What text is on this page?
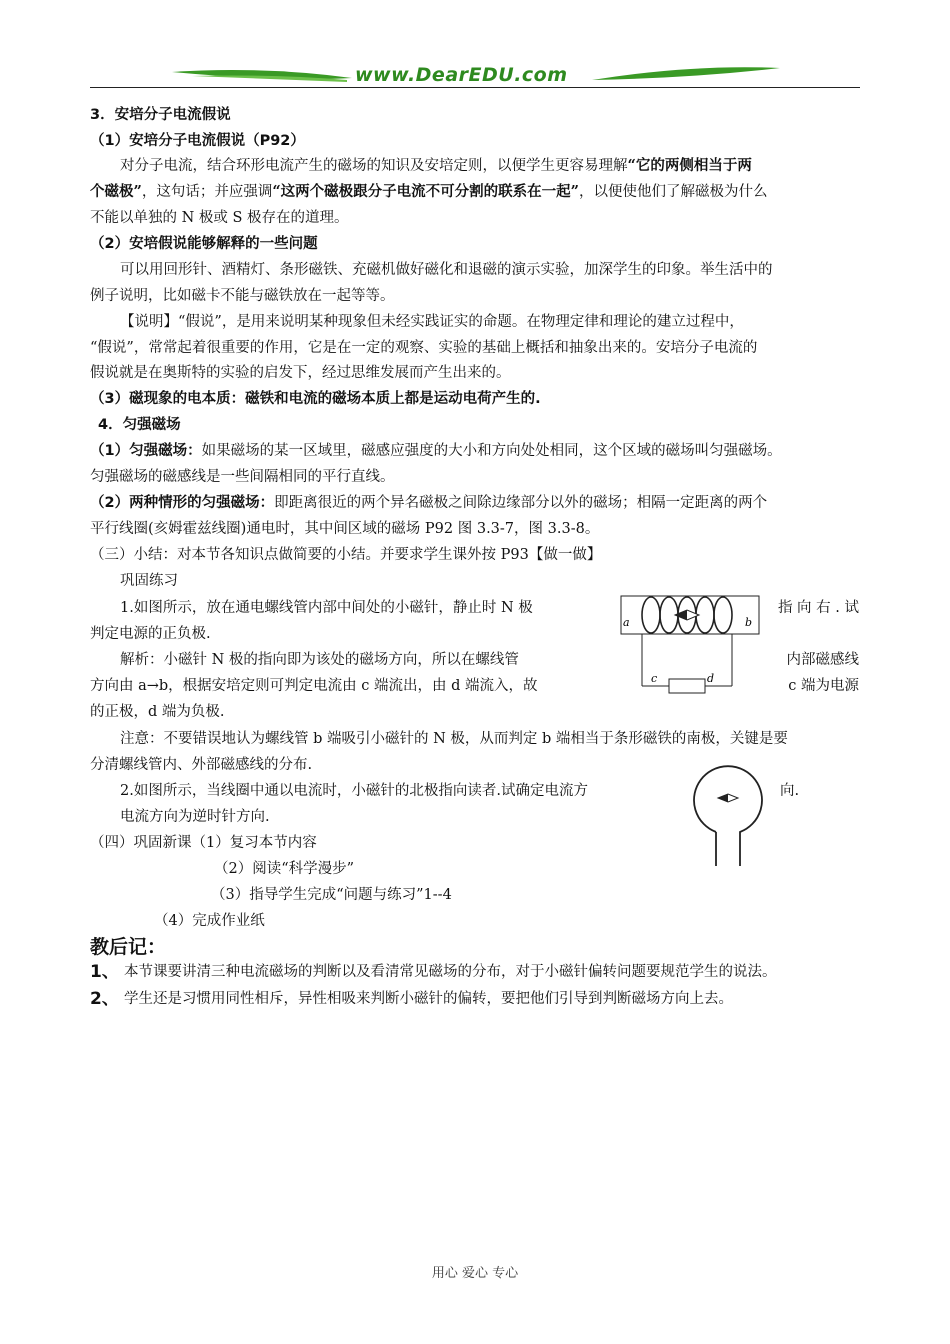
www.DearEDU.com
3．安培分子电流假说
（1）安培分子电流假说（P92）
对分子电流，结合环形电流产生的磁场的知识及安培定则，以便学生更容易理解“它的两侧相当于两
个磁极”，这句话；并应强调“这两个磁极跟分子电流不可分割的联系在一起”，以便使他们了解磁极为什么
不能以单独的 N 极或 S 极存在的道理。
（2）安培假说能够解释的一些问题
可以用回形针、酒精灯、条形磁铁、充磁机做好磁化和退磁的演示实验，加深学生的印象。举生活中的
例子说明，比如磁卡不能与磁铁放在一起等等。
【说明】“假说”，是用来说明某种现象但未经实践证实的命题。在物理定律和理论的建立过程中，
“假说”，常常起着很重要的作用，它是在一定的观察、实验的基础上概括和抽象出来的。安培分子电流的
假说就是在奥斯特的实验的启发下，经过思维发展而产生出来的。
（3）磁现象的电本质：磁铁和电流的磁场本质上都是运动电荷产生的.
4．匀强磁场
（1）匀强磁场：如果磁场的某一区域里，磁感应强度的大小和方向处处相同，这个区域的磁场叫匀强磁场。
匀强磁场的磁感线是一些间隔相同的平行直线。
（2）两种情形的匀强磁场：即距离很近的两个异名磁极之间除边缘部分以外的磁场；相隔一定距离的两个
平行线圈(亥姆霍兹线圈)通电时，其中间区域的磁场 P92 图 3.3-7，图 3.3-8。
（三）小结：对本节各知识点做简要的小结。并要求学生课外按 P93【做一做】
巩固练习
1.如图所示，放在通电螺线管内部中间处的小磁针，静止时 N 极	指 向 右 . 试
判定电源的正负极.
解析：小磁针 N 极的指向即为该处的磁场方向，所以在螺线管	内部磁感线
方向由 a→b，根据安培定则可判定电流由 c 端流出，由 d 端流入，故	c 端为电源
的正极，d 端为负极.
a	b
c	d
注意：不要错误地认为螺线管 b 端吸引小磁针的 N 极，从而判定 b 端相当于条形磁铁的南极，关键是要
分清螺线管内、外部磁感线的分布.
2.如图所示，当线圈中通以电流时，小磁针的北极指向读者.试确定电流方	向.
电流方向为逆时针方向.
（四）巩固新课（1）复习本节内容
（2）阅读“科学漫步”
（3）指导学生完成“问题与练习”1--4
（4）完成作业纸
教后记：
1、 本节课要讲清三种电流磁场的判断以及看清常见磁场的分布，对于小磁针偏转问题要规范学生的说法。
2、 学生还是习惯用同性相斥，异性相吸来判断小磁针的偏转，要把他们引导到判断磁场方向上去。
用心 爱心 专心
